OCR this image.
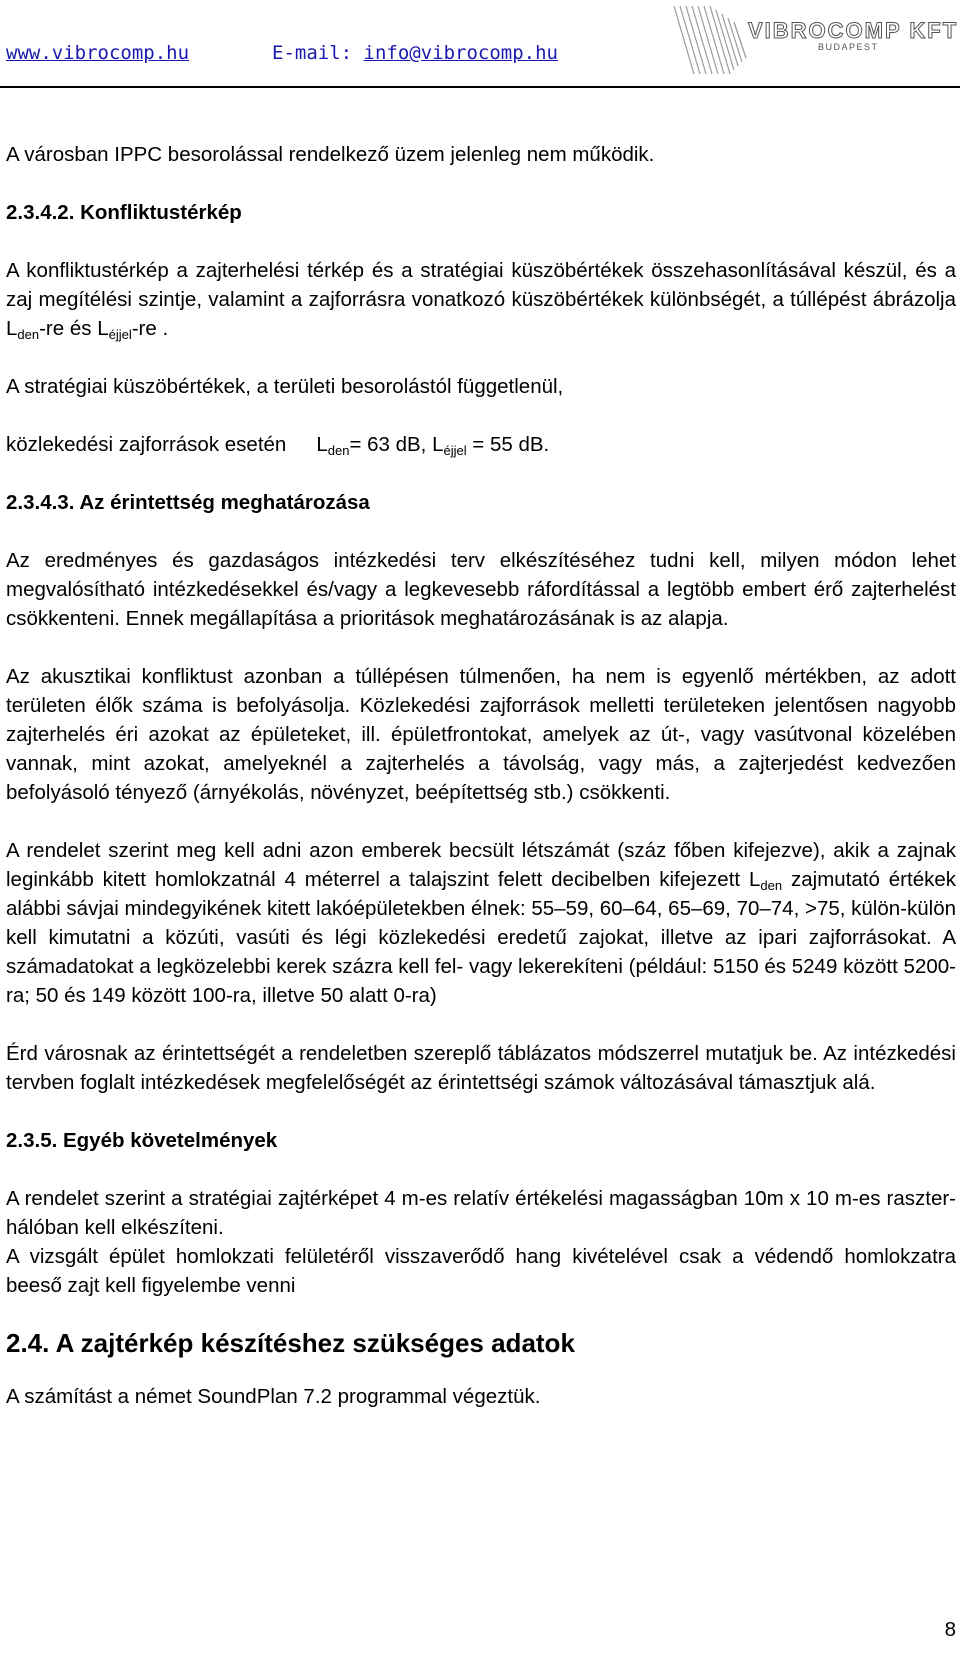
www.vibrocomp.hu	E-mail: info@vibrocomp.hu
VIBROCOMP KFT
BUDAPEST
A városban IPPC besorolással rendelkező üzem jelenleg nem működik.
2.3.4.2. Konfliktustérkép
A konfliktustérkép a zajterhelési térkép és a stratégiai küszöbértékek összehasonlításával készül, és a zaj megítélési szintje, valamint a zajforrásra vonatkozó küszöbértékek különbségét, a túllépést ábrázolja $L_{den}-re$ és $L_{éjjel}-re$ .
A stratégiai küszöbértékek, a területi besorolástól függetlenül,
közlekedési zajforrások esetén $L_{den}= 63$ dB, $L_{éjjel} = 55$ dB.
2.3.4.3. Az érintettség meghatározása
Az eredményes és gazdaságos intézkedési terv elkészítéséhez tudni kell, milyen módon lehet megvalósítható intézkedésekkel és/vagy a legkevesebb ráfordítással a legtöbb embert érő zajterhelést csökkenteni. Ennek megállapítása a prioritások meghatározásának is az alapja.
Az akusztikai konfliktust azonban a túllépésen túlmenően, ha nem is egyenlő mértékben, az adott területen élők száma is befolyásolja. Közlekedési zajforrások melletti területeken jelentősen nagyobb zajterhelés éri azokat az épületeket, ill. épületfrontokat, amelyek az út-, vagy vasútvonal közelében vannak, mint azokat, amelyeknél a zajterhelés a távolság, vagy más, a zajterjedést kedvezően befolyásoló tényező (árnyékolás, növényzet, beépítettség stb.) csökkenti.
A rendelet szerint meg kell adni azon emberek becsült létszámát (száz főben kifejezve), akik a zajnak leginkább kitett homlokzatnál 4 méterrel a talajszint felett decibelben kifejezett $L_{den}$ zajmutató értékek alábbi sávjai mindegyikének kitett lakóépületekben élnek: 55–59, 60–64, 65–69, 70–74, >75, külön-külön kell kimutatni a közúti, vasúti és légi közlekedési eredetű zajokat, illetve az ipari zajforrásokat. A számadatokat a legközelebbi kerek százra kell fel- vagy lekerekíteni (például: 5150 és 5249 között 5200-ra; 50 és 149 között 100-ra, illetve 50 alatt 0-ra)
Érd városnak az érintettségét a rendeletben szereplő táblázatos módszerrel mutatjuk be. Az intézkedési tervben foglalt intézkedések megfelelőségét az érintettségi számok változásával támasztjuk alá.
2.3.5. Egyéb követelmények
A rendelet szerint a stratégiai zajtérképet 4 m-es relatív értékelési magasságban 10m x 10 m-es raszter-hálóban kell elkészíteni.
A vizsgált épület homlokzati felületéről visszaverődő hang kivételével csak a védendő homlokzatra beeső zajt kell figyelembe venni
2.4. A zajtérkép készítéshez szükséges adatok
A számítást a német SoundPlan 7.2 programmal végeztük.
8
